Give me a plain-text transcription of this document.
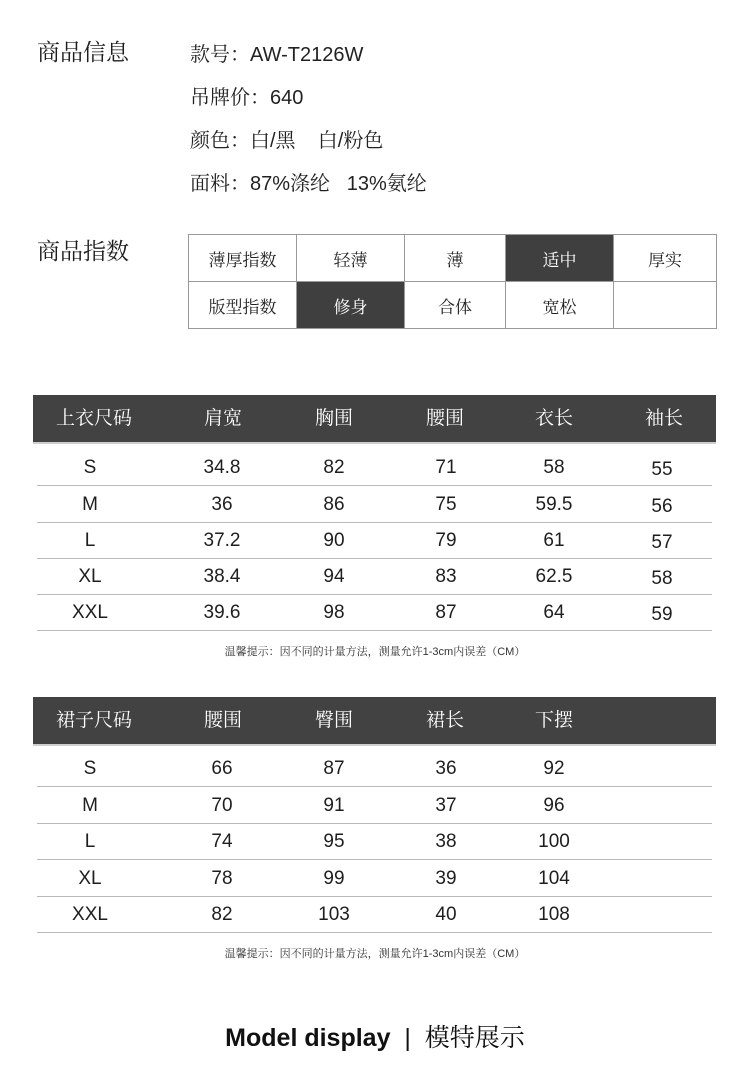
商品信息	款号：AW-T2126W
吊牌价：640
颜色：白/黑    白/粉色
面料：87%涤纶   13%氨纶
商品指数	薄厚指数	轻薄	薄	适中	厚实
版型指数	修身	合体	宽松	
上衣尺码	肩宽	胸围	腰围	衣长	袖长
S	34.8	82	71	58	55
M	36	86	75	59.5	56
L	37.2	90	79	61	57
XL	38.4	94	83	62.5	58
XXL	39.6	98	87	64	59
温馨提示：因不同的计量方法，测量允许1-3cm内误差（CM）
裙子尺码	腰围	臀围	裙长	下摆
S	66	87	36	92
M	70	91	37	96
L	74	95	38	100
XL	78	99	39	104
XXL	82	103	40	108
温馨提示：因不同的计量方法，测量允许1-3cm内误差（CM）
Model display | 模特展示
